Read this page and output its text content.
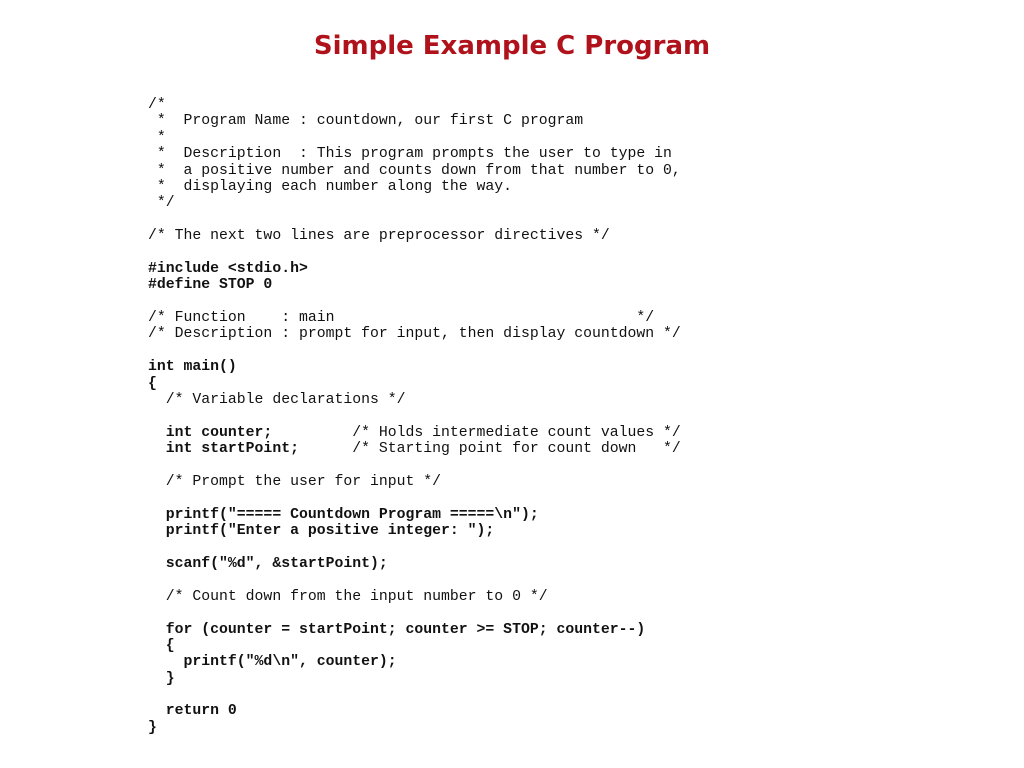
Simple Example C Program
/*
*  Program Name : countdown, our first C program
*
*  Description  : This program prompts the user to type in
*  a positive number and counts down from that number to 0,
*  displaying each number along the way.
*/
/* The next two lines are preprocessor directives */
#include <stdio.h>
#define STOP 0
/* Function    : main                                  */
/* Description : prompt for input, then display countdown */
int main()
{
/* Variable declarations */
int counter;         /* Holds intermediate count values */
int startPoint;      /* Starting point for count down   */
/* Prompt the user for input */
printf("===== Countdown Program =====\n");
printf("Enter a positive integer: ");
scanf("%d", &startPoint);
/* Count down from the input number to 0 */
for (counter = startPoint; counter >= STOP; counter--)
{
printf("%d\n", counter);
}
return 0
}
